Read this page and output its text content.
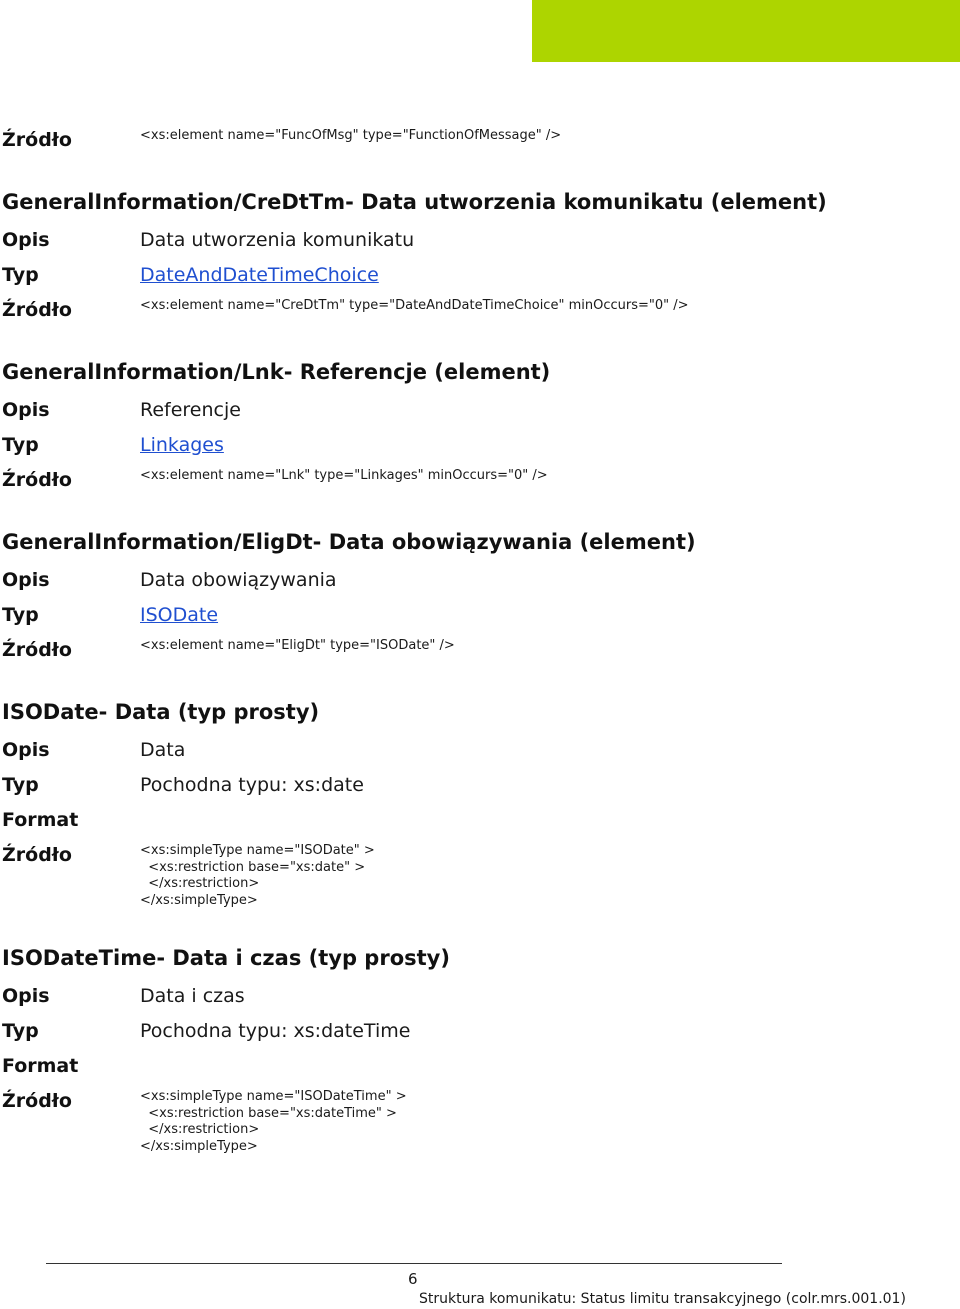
Źródło	<xs:element name="FuncOfMsg" type="FunctionOfMessage" />
GeneralInformation/CreDtTm- Data utworzenia komunikatu (element)
Opis	Data utworzenia komunikatu
Typ	DateAndDateTimeChoice
Źródło	<xs:element name="CreDtTm" type="DateAndDateTimeChoice" minOccurs="0" />
GeneralInformation/Lnk- Referencje (element)
Opis	Referencje
Typ	Linkages
Źródło	<xs:element name="Lnk" type="Linkages" minOccurs="0" />
GeneralInformation/EligDt- Data obowiązywania (element)
Opis	Data obowiązywania
Typ	ISODate
Źródło	<xs:element name="EligDt" type="ISODate" />
ISODate- Data (typ prosty)
Opis	Data
Typ	Pochodna typu: xs:date
Format
Źródło	<xs:simpleType name="ISODate" >
<xs:restriction base="xs:date" >
</xs:restriction>
</xs:simpleType>
ISODateTime- Data i czas (typ prosty)
Opis	Data i czas
Typ	Pochodna typu: xs:dateTime
Format
Źródło	<xs:simpleType name="ISODateTime" >
<xs:restriction base="xs:dateTime" >
</xs:restriction>
</xs:simpleType>
6
Struktura komunikatu: Status limitu transakcyjnego (colr.mrs.001.01)
